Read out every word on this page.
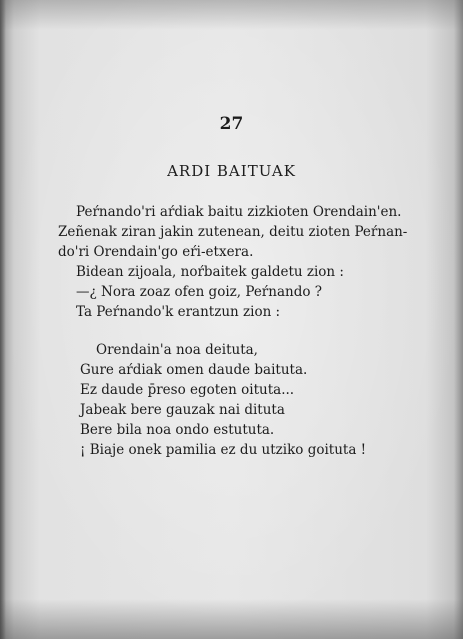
27
ARDI BAITUAK
Peŕnando'ri aŕdiak baitu zizkioten Orendain'en.
Zeñenak ziran jakin zutenean, deitu zioten Peŕnan-
do'ri Orendain'go eŕi-etxera.
Bidean zijoala, noŕbaitek galdetu zion :
—¿ Nora zoaz ofen goiz, Peŕnando ?
Ta Peŕnando'k erantzun zion :
Orendain'a noa deituta,
Gure aŕdiak omen daude baituta.
Ez daude p̄reso egoten oituta...
Jabeak bere gauzak nai dituta
Bere bila noa ondo estututa.
¡ Biaje onek pamilia ez du utziko goituta !
